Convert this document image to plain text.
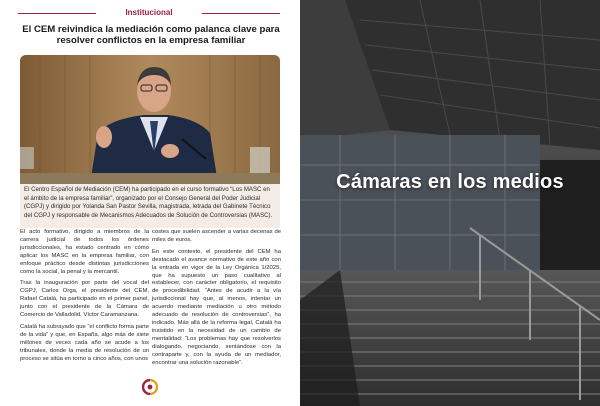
Institucional
El CEM reivindica la mediación como palanca clave para resolver conflictos en la empresa familiar
El Centro Español de Mediación (CEM) ha participado en el curso formativo “Los MASC en el ámbito de la empresa familiar”, organizado por el Consejo General del Poder Judicial (CGPJ) y dirigido por Yolanda San Pastor Sevilla, magistrada, letrada del Gabinete Técnico del CGPJ y responsable de Mecanismos Adecuados de Solución de Controversias (MASC).

El acto formativo, dirigido a miembros de la carrera judicial de todos los órdenes jurisdiccionales, ha estado centrado en cómo aplicar los MASC en la empresa familiar, con enfoque práctico desde distintas jurisdicciones como la social, la penal y la mercantil.

Tras la inauguración por parte del vocal del CGPJ, Carlos Orga, el presidente del CEM, Rafael Catalá, ha participado en el primer panel, junto con el presidente de la Cámara de Comercio de Valladolid, Víctor Caramanzana.

Catalá ha subrayado que “el conflicto forma parte de la vida” y que, en España, algo más de siete millones de veces cada año se acude a los tribunales, donde la media de resolución de un proceso se sitúa en torno a cinco años, con unos

costes que suelen ascender a varias decenas de miles de euros.

En este contexto, el presidente del CEM ha destacado el avance normativo de este año con la entrada en vigor de la Ley Orgánica 1/2025, que ha supuesto un paso cualitativo al establecer, con carácter obligatorio, el requisito de procedibilidad. “Antes de acudir a la vía jurisdiccional hay que, al menos, intentar un acuerdo mediante mediación u otro método adecuado de resolución de controversias”, ha indicado. Más allá de la reforma legal, Catalá ha insistido en la necesidad de un cambio de mentalidad: “Los problemas hay que resolverlos dialogando, negociando, sentándose con la contraparte y, con la ayuda de un mediador, encontrar una solución razonable”.

Cámaras en los medios
